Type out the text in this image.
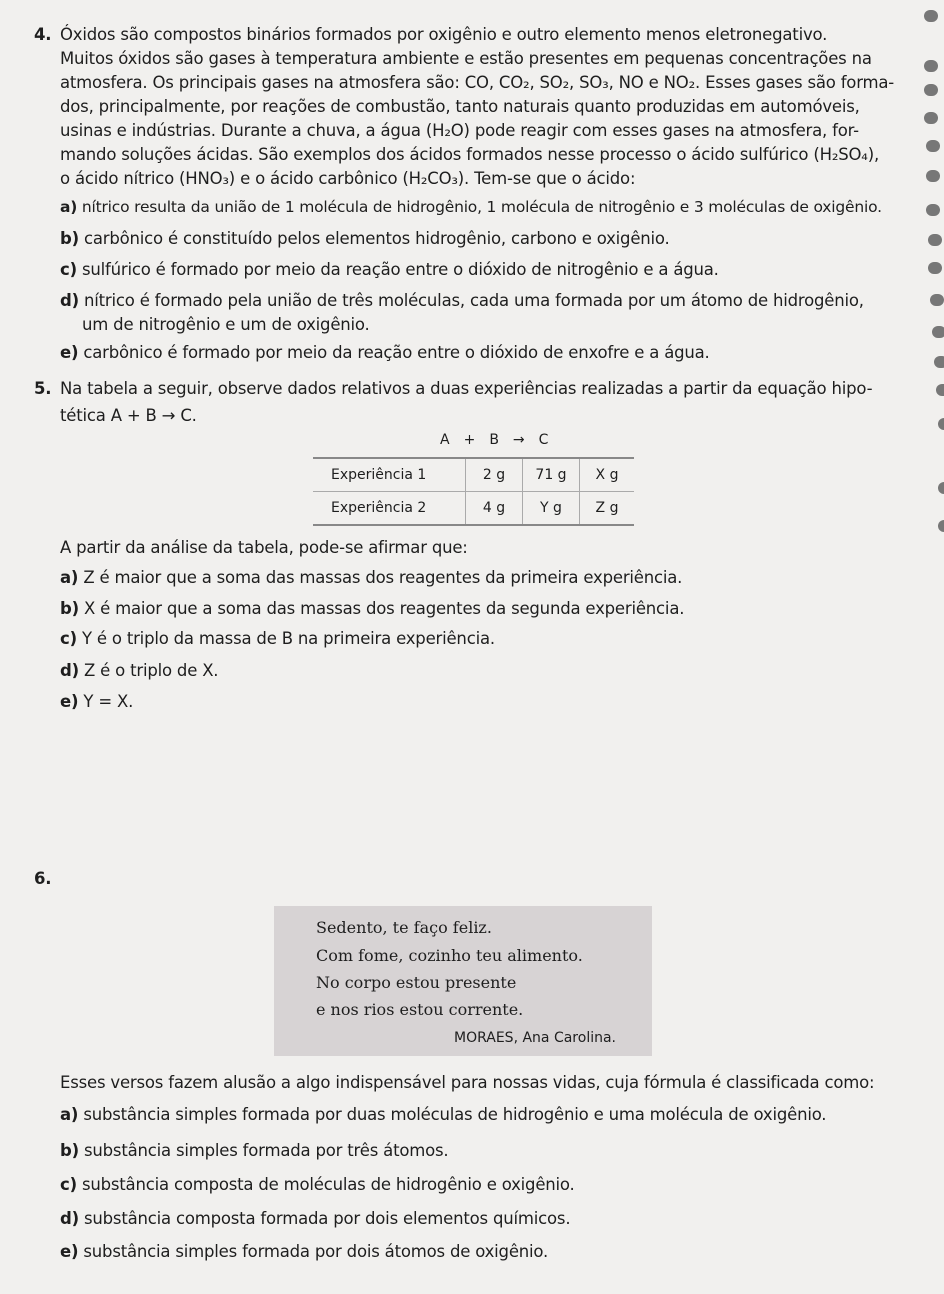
4. Óxidos são compostos binários formados por oxigênio e outro elemento menos eletronegativo.
Muitos óxidos são gases à temperatura ambiente e estão presentes em pequenas concentrações na
atmosfera. Os principais gases na atmosfera são: CO, CO₂, SO₂, SO₃, NO e NO₂. Esses gases são forma-
dos, principalmente, por reações de combustão, tanto naturais quanto produzidas em automóveis,
usinas e indústrias. Durante a chuva, a água (H₂O) pode reagir com esses gases na atmosfera, for-
mando soluções ácidas. São exemplos dos ácidos formados nesse processo o ácido sulfúrico (H₂SO₄),
o ácido nítrico (HNO₃) e o ácido carbônico (H₂CO₃). Tem-se que o ácido:
a) nítrico resulta da união de 1 molécula de hidrogênio, 1 molécula de nitrogênio e 3 moléculas de oxigênio.
b) carbônico é constituído pelos elementos hidrogênio, carbono e oxigênio.
c) sulfúrico é formado por meio da reação entre o dióxido de nitrogênio e a água.
d) nítrico é formado pela união de três moléculas, cada uma formada por um átomo de hidrogênio,
um de nitrogênio e um de oxigênio.
e) carbônico é formado por meio da reação entre o dióxido de enxofre e a água.
5. Na tabela a seguir, observe dados relativos a duas experiências realizadas a partir da equação hipo-
tética A + B → C.
A + B → C
Experiência 1	2 g	71 g	X g
Experiência 2	4 g	Y g	Z g
A partir da análise da tabela, pode-se afirmar que:
a) Z é maior que a soma das massas dos reagentes da primeira experiência.
b) X é maior que a soma das massas dos reagentes da segunda experiência.
c) Y é o triplo da massa de B na primeira experiência.
d) Z é o triplo de X.
e) Y = X.
6.
Sedento, te faço feliz.
Com fome, cozinho teu alimento.
No corpo estou presente
e nos rios estou corrente.
MORAES, Ana Carolina.
Esses versos fazem alusão a algo indispensável para nossas vidas, cuja fórmula é classificada como:
a) substância simples formada por duas moléculas de hidrogênio e uma molécula de oxigênio.
b) substância simples formada por três átomos.
c) substância composta de moléculas de hidrogênio e oxigênio.
d) substância composta formada por dois elementos químicos.
e) substância simples formada por dois átomos de oxigênio.
